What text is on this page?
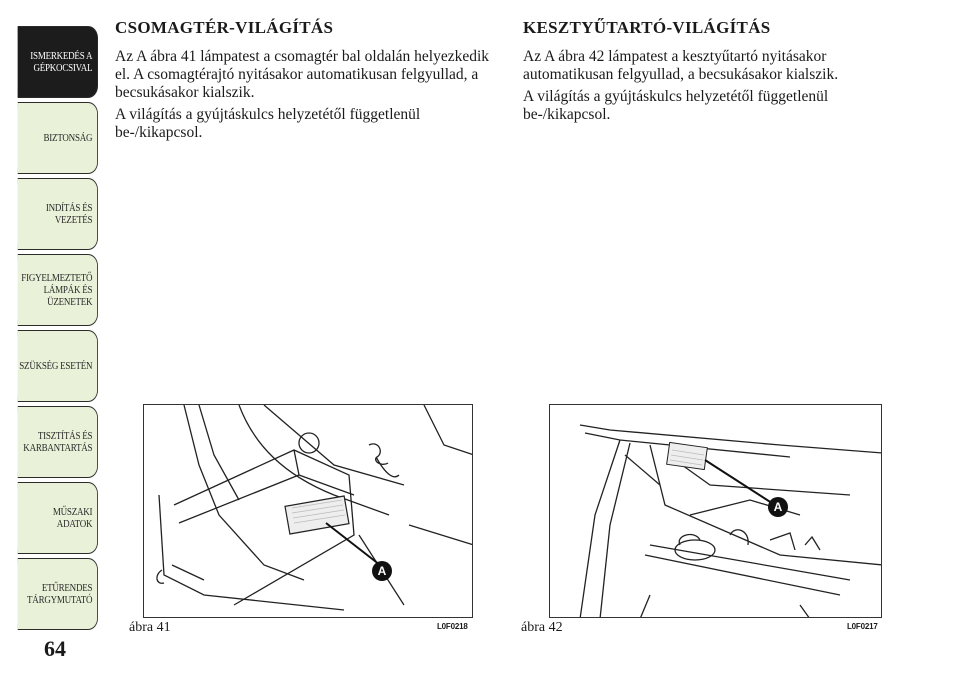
ISMERKEDÉS A
GÉPKOCSIVAL
BIZTONSÁG
INDÍTÁS ÉS
VEZETÉS
FIGYELMEZTETŐ
LÁMPÁK ÉS
ÜZENETEK
SZÜKSÉG ESETÉN
TISZTÍTÁS ÉS
KARBANTARTÁS
MŰSZAKI ADATOK
ETŰRENDES
TÁRGYMUTATÓ
64
CSOMAGTÉR-VILÁGÍTÁS

Az A ábra 41 lámpatest a csomagtér bal oldalán helyezkedik el. A csomagtérajtó nyitásakor automatikusan felgyullad, a becsukásakor kialszik.

A világítás a gyújtáskulcs helyzetétől függetlenül be-/kikapcsol.

KESZTYŰTARTÓ-VILÁGÍTÁS

Az A ábra 42 lámpatest a kesztyűtartó nyitásakor automatikusan felgyullad, a becsukásakor kialszik.

A világítás a gyújtáskulcs helyzetétől függetlenül be-/kikapcsol.

A
ábra 41	L0F0218
A
ábra 42	L0F0217
